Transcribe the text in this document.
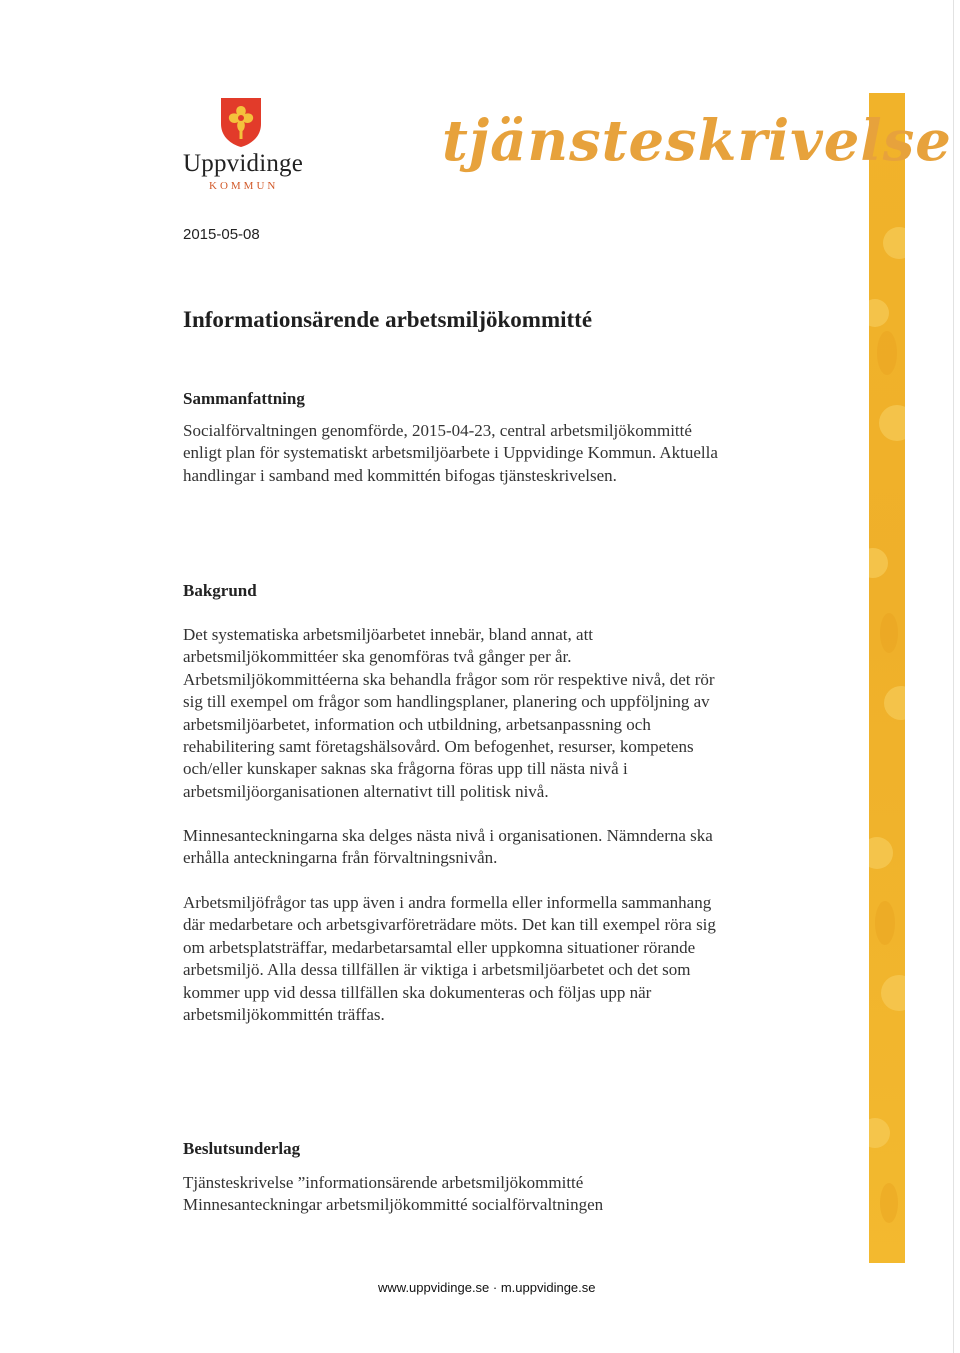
Uppvidinge
KOMMUN
tjänsteskrivelse
2015-05-08
Informationsärende arbetsmiljökommitté
Sammanfattning

Socialförvaltningen genomförde, 2015-04-23, central arbetsmiljökommitté
enligt plan för systematiskt arbetsmiljöarbete i Uppvidinge Kommun. Aktuella
handlingar i samband med kommittén bifogas tjänsteskrivelsen.

Bakgrund

Det systematiska arbetsmiljöarbetet innebär, bland annat, att
arbetsmiljökommittéer ska genomföras två gånger per år.
Arbetsmiljökommittéerna ska behandla frågor som rör respektive nivå, det rör
sig till exempel om frågor som handlingsplaner, planering och uppföljning av
arbetsmiljöarbetet, information och utbildning, arbetsanpassning och
rehabilitering samt företagshälsovård. Om befogenhet, resurser, kompetens
och/eller kunskaper saknas ska frågorna föras upp till nästa nivå i
arbetsmiljöorganisationen alternativt till politisk nivå.

Minnesanteckningarna ska delges nästa nivå i organisationen. Nämnderna ska
erhålla anteckningarna från förvaltningsnivån.

Arbetsmiljöfrågor tas upp även i andra formella eller informella sammanhang
där medarbetare och arbetsgivarföreträdare möts. Det kan till exempel röra sig
om arbetsplatsträffar, medarbetarsamtal eller uppkomna situationer rörande
arbetsmiljö. Alla dessa tillfällen är viktiga i arbetsmiljöarbetet och det som
kommer upp vid dessa tillfällen ska dokumenteras och följas upp när
arbetsmiljökommittén träffas.

Beslutsunderlag

Tjänsteskrivelse ”informationsärende arbetsmiljökommitté
Minnesanteckningar arbetsmiljökommitté socialförvaltningen

www.uppvidinge.se · m.uppvidinge.se
